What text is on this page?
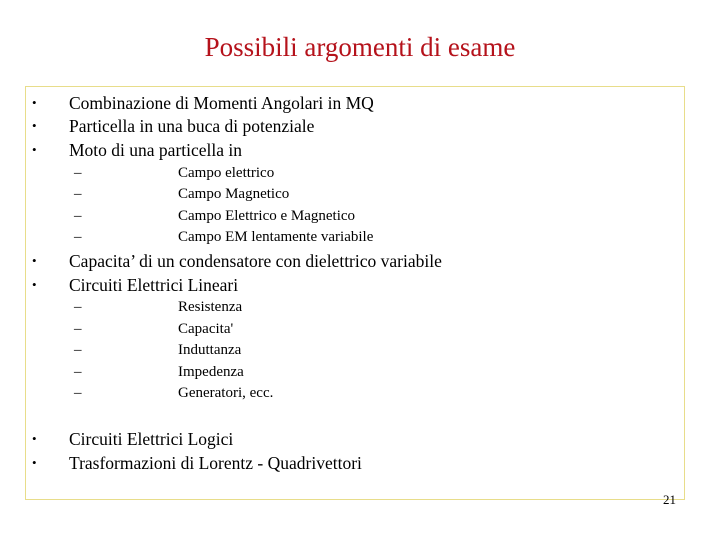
Possibili argomenti di esame
• Combinazione di Momenti Angolari in MQ
• Particella in una buca di potenziale
• Moto di una particella in
–	Campo elettrico
–	Campo Magnetico
–	Campo Elettrico e Magnetico
–	Campo EM lentamente variabile
• Capacita’ di un condensatore con dielettrico variabile
• Circuiti Elettrici Lineari
–	Resistenza
–	Capacita'
–	Induttanza
–	Impedenza
–	Generatori, ecc.
• Circuiti Elettrici Logici
• Trasformazioni di Lorentz - Quadrivettori
21
